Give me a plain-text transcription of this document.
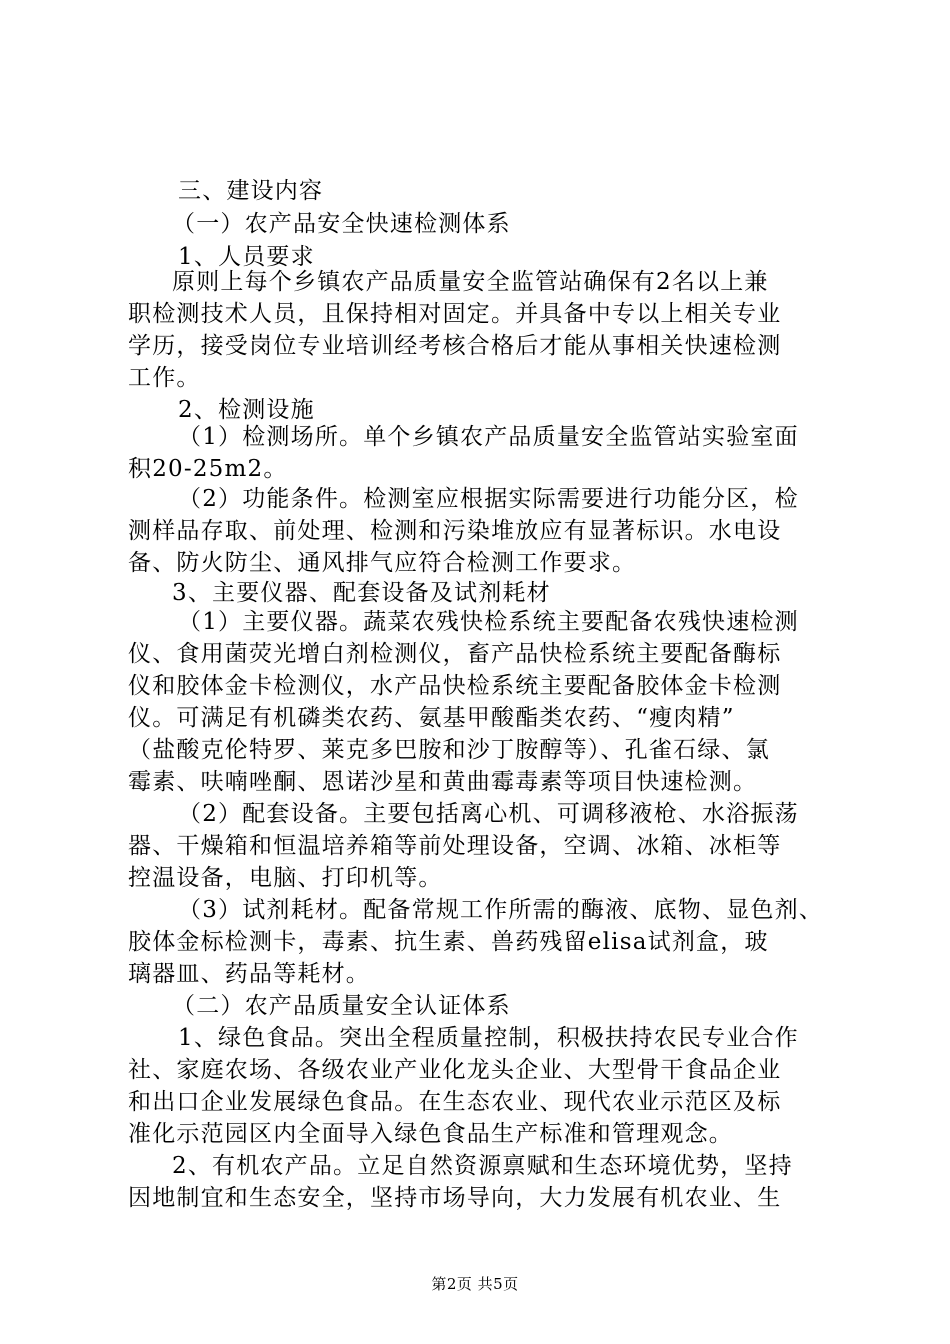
三、建设内容
（一）农产品安全快速检测体系
1、人员要求
原则上每个乡镇农产品质量安全监管站确保有2名以上兼
职检测技术人员，且保持相对固定。并具备中专以上相关专业
学历，接受岗位专业培训经考核合格后才能从事相关快速检测
工作。
2、检测设施
（1）检测场所。单个乡镇农产品质量安全监管站实验室面
积20-25m2。
（2）功能条件。检测室应根据实际需要进行功能分区，检
测样品存取、前处理、检测和污染堆放应有显著标识。水电设
备、防火防尘、通风排气应符合检测工作要求。
3、主要仪器、配套设备及试剂耗材
（1）主要仪器。蔬菜农残快检系统主要配备农残快速检测
仪、食用菌荧光增白剂检测仪，畜产品快检系统主要配备酶标
仪和胶体金卡检测仪，水产品快检系统主要配备胶体金卡检测
仪。可满足有机磷类农药、氨基甲酸酯类农药、“瘦肉精”
（盐酸克伦特罗、莱克多巴胺和沙丁胺醇等）、孔雀石绿、氯
霉素、呋喃唑酮、恩诺沙星和黄曲霉毒素等项目快速检测。
（2）配套设备。主要包括离心机、可调移液枪、水浴振荡
器、干燥箱和恒温培养箱等前处理设备，空调、冰箱、冰柜等
控温设备，电脑、打印机等。
（3）试剂耗材。配备常规工作所需的酶液、底物、显色剂、
胶体金标检测卡，毒素、抗生素、兽药残留elisa试剂盒，玻
璃器皿、药品等耗材。
（二）农产品质量安全认证体系
1、绿色食品。突出全程质量控制，积极扶持农民专业合作
社、家庭农场、各级农业产业化龙头企业、大型骨干食品企业
和出口企业发展绿色食品。在生态农业、现代农业示范区及标
准化示范园区内全面导入绿色食品生产标准和管理观念。
2、有机农产品。立足自然资源禀赋和生态环境优势，坚持
因地制宜和生态安全，坚持市场导向，大力发展有机农业、生
第2页 共5页
